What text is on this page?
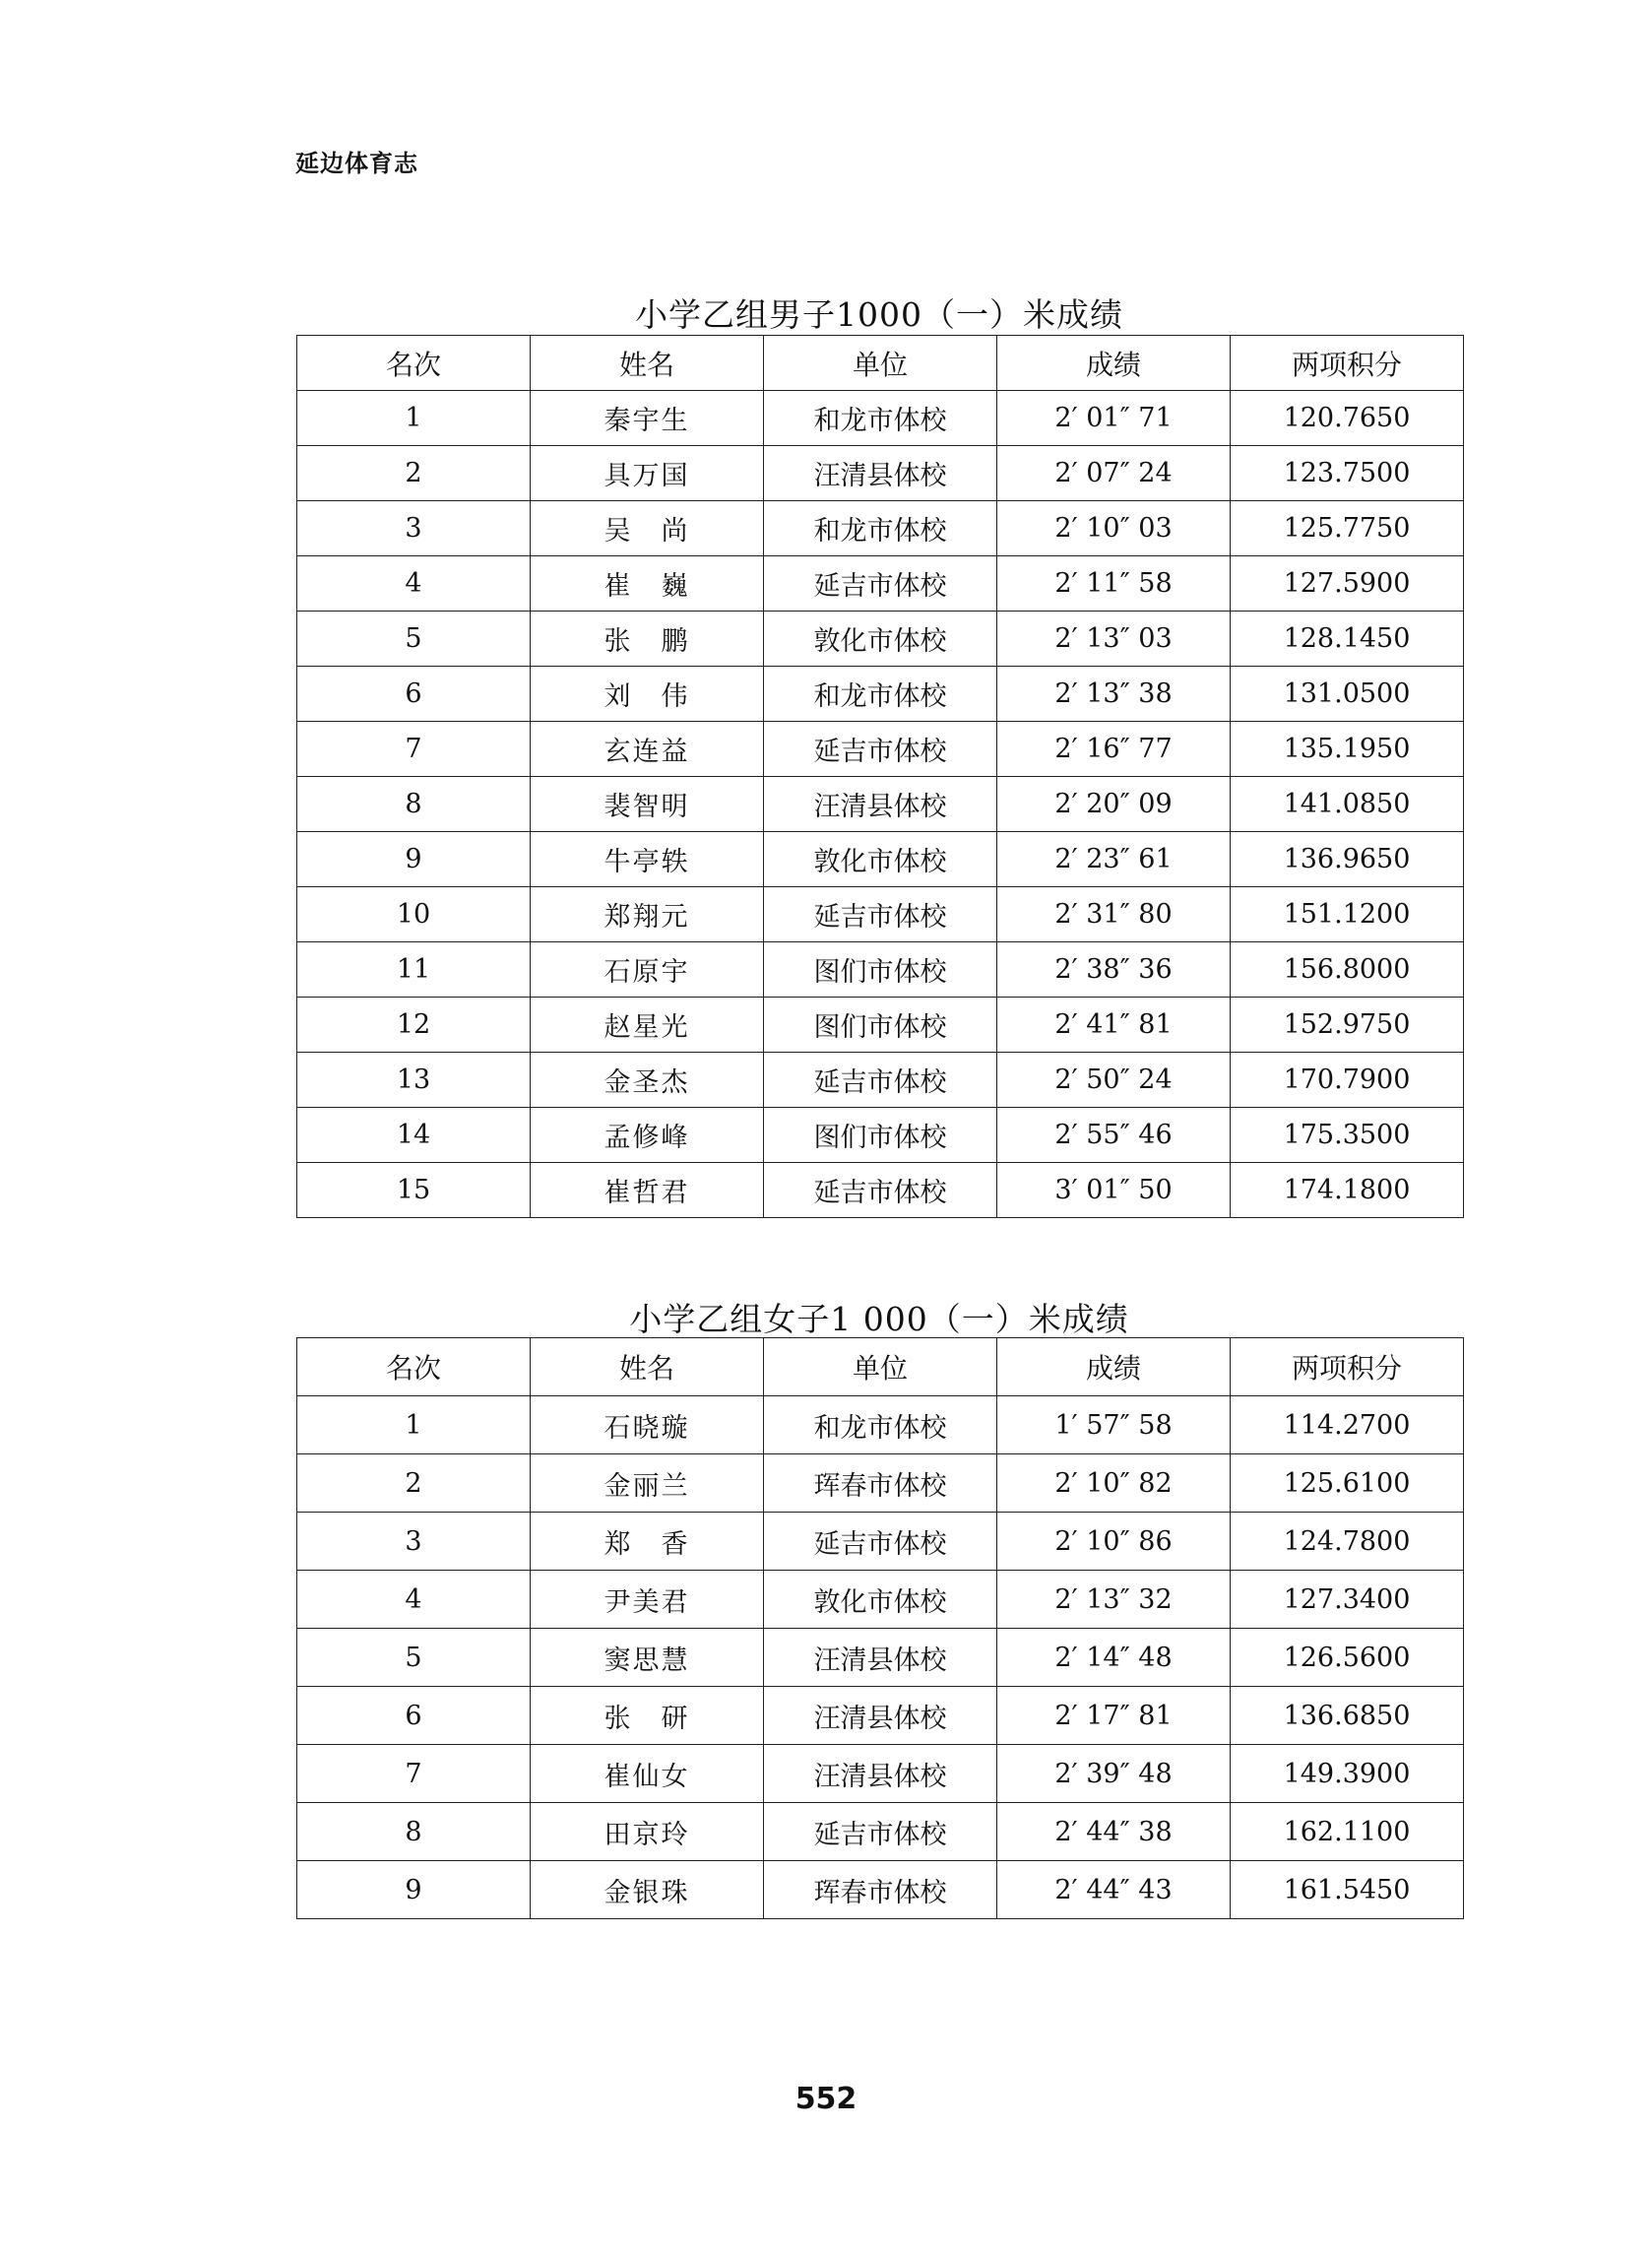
延边体育志
小学乙组男子1000（一）米成绩
名次	姓名	单位	成绩	两项积分
1	秦宇生	和龙市体校	2′ 01″ 71	120.7650
2	具万国	汪清县体校	2′ 07″ 24	123.7500
3	吴　尚	和龙市体校	2′ 10″ 03	125.7750
4	崔　巍	延吉市体校	2′ 11″ 58	127.5900
5	张　鹏	敦化市体校	2′ 13″ 03	128.1450
6	刘　伟	和龙市体校	2′ 13″ 38	131.0500
7	玄连益	延吉市体校	2′ 16″ 77	135.1950
8	裴智明	汪清县体校	2′ 20″ 09	141.0850
9	牛亭轶	敦化市体校	2′ 23″ 61	136.9650
10	郑翔元	延吉市体校	2′ 31″ 80	151.1200
11	石原宇	图们市体校	2′ 38″ 36	156.8000
12	赵星光	图们市体校	2′ 41″ 81	152.9750
13	金圣杰	延吉市体校	2′ 50″ 24	170.7900
14	孟修峰	图们市体校	2′ 55″ 46	175.3500
15	崔哲君	延吉市体校	3′ 01″ 50	174.1800
小学乙组女子1 000（一）米成绩
名次	姓名	单位	成绩	两项积分
1	石晓璇	和龙市体校	1′ 57″ 58	114.2700
2	金丽兰	珲春市体校	2′ 10″ 82	125.6100
3	郑　香	延吉市体校	2′ 10″ 86	124.7800
4	尹美君	敦化市体校	2′ 13″ 32	127.3400
5	窦思慧	汪清县体校	2′ 14″ 48	126.5600
6	张　研	汪清县体校	2′ 17″ 81	136.6850
7	崔仙女	汪清县体校	2′ 39″ 48	149.3900
8	田京玲	延吉市体校	2′ 44″ 38	162.1100
9	金银珠	珲春市体校	2′ 44″ 43	161.5450
552
